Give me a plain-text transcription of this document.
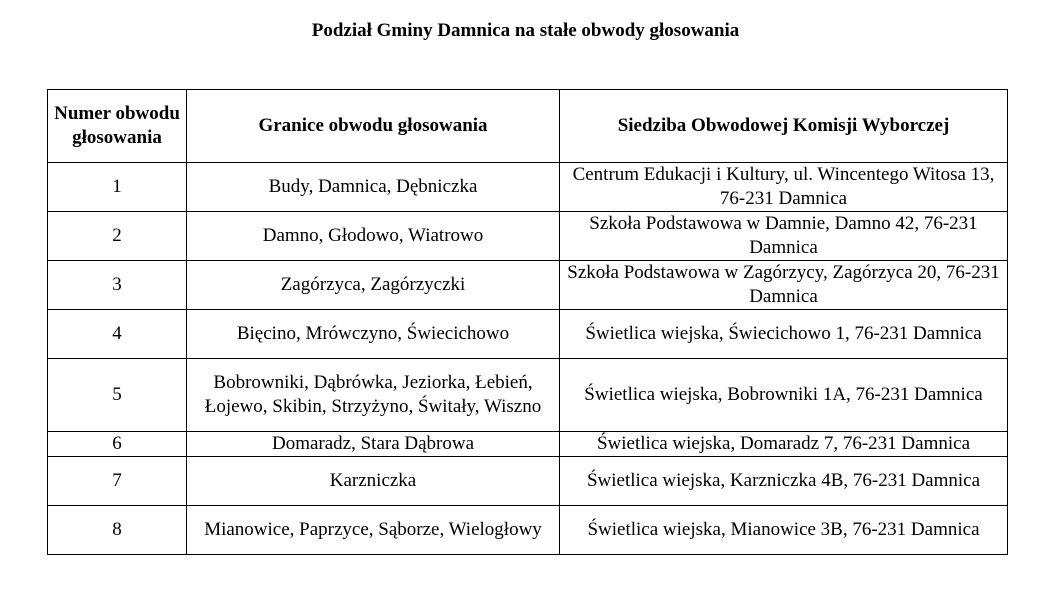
Podział Gminy Damnica na stałe obwody głosowania
Numer obwodu głosowania	Granice obwodu głosowania	Siedziba Obwodowej Komisji Wyborczej
1	Budy, Damnica, Dębniczka	Centrum Edukacji i Kultury, ul. Wincentego Witosa 13, 76-231 Damnica
2	Damno, Głodowo, Wiatrowo	Szkoła Podstawowa w Damnie, Damno 42, 76-231 Damnica
3	Zagórzyca, Zagórzyczki	Szkoła Podstawowa w Zagórzycy, Zagórzyca 20, 76-231 Damnica
4	Bięcino, Mrówczyno, Świecichowo	Świetlica wiejska, Świecichowo 1, 76-231 Damnica
5	Bobrowniki, Dąbrówka, Jeziorka, Łebień, Łojewo, Skibin, Strzyżyno, Świtały, Wiszno	Świetlica wiejska, Bobrowniki 1A, 76-231 Damnica
6	Domaradz, Stara Dąbrowa	Świetlica wiejska, Domaradz 7, 76-231 Damnica
7	Karzniczka	Świetlica wiejska, Karzniczka 4B, 76-231 Damnica
8	Mianowice, Paprzyce, Sąborze, Wielogłowy	Świetlica wiejska, Mianowice 3B, 76-231 Damnica
